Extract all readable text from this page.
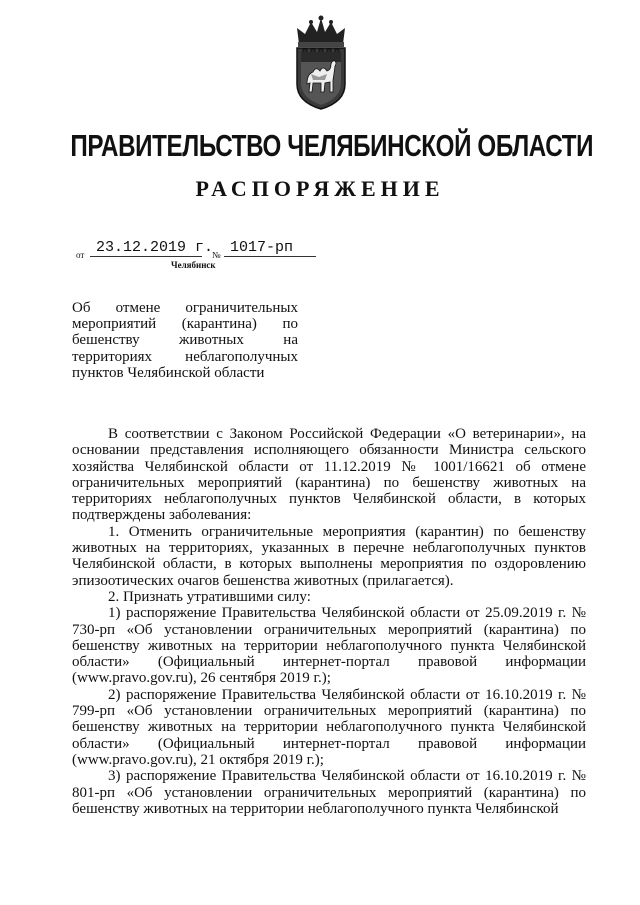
ПРАВИТЕЛЬСТВО ЧЕЛЯБИНСКОЙ ОБЛАСТИ
РАСПОРЯЖЕНИЕ
от 23.12.2019 г.
№ 1017-рп
Челябинск
Об отмене ограничительных мероприятий (карантина) по бешенству животных на территориях неблагополучных пунктов Челябинской области

В соответствии с Законом Российской Федерации «О ветеринарии», на основании представления исполняющего обязанности Министра сельского хозяйства Челябинской области от 11.12.2019 № 1001/16621 об отмене ограничительных мероприятий (карантина) по бешенству животных на территориях неблагополучных пунктов Челябинской области, в которых подтверждены заболевания:

1. Отменить ограничительные мероприятия (карантин) по бешенству животных на территориях, указанных в перечне неблагополучных пунктов Челябинской области, в которых выполнены мероприятия по оздоровлению эпизоотических очагов бешенства животных (прилагается).

2. Признать утратившими силу:

1) распоряжение Правительства Челябинской области от 25.09.2019 г. № 730-рп «Об установлении ограничительных мероприятий (карантина) по бешенству животных на территории неблагополучного пункта Челябинской области» (Официальный интернет-портал правовой информации (www.pravo.gov.ru), 26 сентября 2019 г.);

2) распоряжение Правительства Челябинской области от 16.10.2019 г. № 799-рп «Об установлении ограничительных мероприятий (карантина) по бешенству животных на территории неблагополучного пункта Челябинской области» (Официальный интернет-портал правовой информации (www.pravo.gov.ru), 21 октября 2019 г.);

3) распоряжение Правительства Челябинской области от 16.10.2019 г. № 801-рп «Об установлении ограничительных мероприятий (карантина) по бешенству животных на территории неблагополучного пункта Челябинской
